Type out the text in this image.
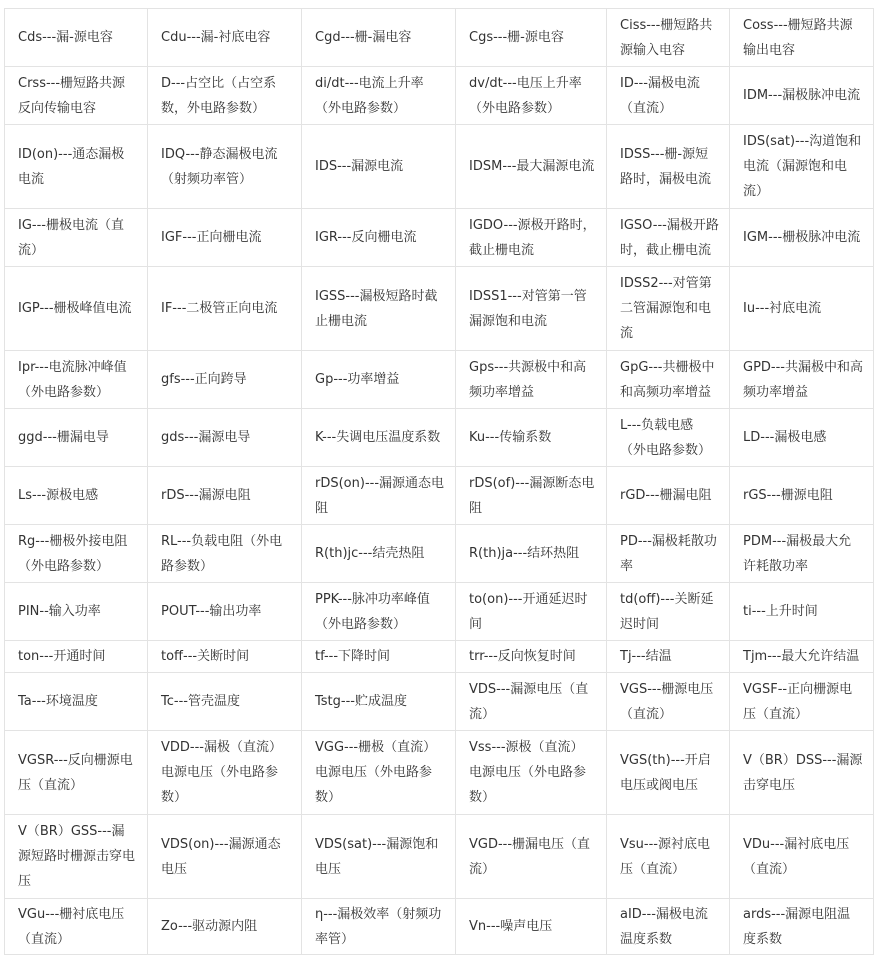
Cds---漏-源电容	Cdu---漏-衬底电容	Cgd---栅-漏电容	Cgs---栅-源电容	Ciss---栅短路共源输入电容	Coss---栅短路共源输出电容
Crss---栅短路共源反向传输电容	D---占空比（占空系数，外电路参数）	di/dt---电流上升率（外电路参数）	dv/dt---电压上升率（外电路参数）	ID---漏极电流（直流）	IDM---漏极脉冲电流
ID(on)---通态漏极电流	IDQ---静态漏极电流（射频功率管）	IDS---漏源电流	IDSM---最大漏源电流	IDSS---栅-源短路时，漏极电流	IDS(sat)---沟道饱和电流（漏源饱和电流）
IG---栅极电流（直流）	IGF---正向栅电流	IGR---反向栅电流	IGDO---源极开路时，截止栅电流	IGSO---漏极开路时，截止栅电流	IGM---栅极脉冲电流
IGP---栅极峰值电流	IF---二极管正向电流	IGSS---漏极短路时截止栅电流	IDSS1---对管第一管漏源饱和电流	IDSS2---对管第二管漏源饱和电流	Iu---衬底电流
Ipr---电流脉冲峰值（外电路参数）	gfs---正向跨导	Gp---功率增益	Gps---共源极中和高频功率增益	GpG---共栅极中和高频功率增益	GPD---共漏极中和高频功率增益
ggd---栅漏电导	gds---漏源电导	K---失调电压温度系数	Ku---传输系数	L---负载电感（外电路参数）	LD---漏极电感
Ls---源极电感	rDS---漏源电阻	rDS(on)---漏源通态电阻	rDS(of)---漏源断态电阻	rGD---栅漏电阻	rGS---栅源电阻
Rg---栅极外接电阻（外电路参数）	RL---负载电阻（外电路参数）	R(th)jc---结壳热阻	R(th)ja---结环热阻	PD---漏极耗散功率	PDM---漏极最大允许耗散功率
PIN--输入功率	POUT---输出功率	PPK---脉冲功率峰值（外电路参数）	to(on)---开通延迟时间	td(off)---关断延迟时间	ti---上升时间
ton---开通时间	toff---关断时间	tf---下降时间	trr---反向恢复时间	Tj---结温	Tjm---最大允许结温
Ta---环境温度	Tc---管壳温度	Tstg---贮成温度	VDS---漏源电压（直流）	VGS---栅源电压（直流）	VGSF--正向栅源电压（直流）
VGSR---反向栅源电压（直流）	VDD---漏极（直流）电源电压（外电路参数）	VGG---栅极（直流）电源电压（外电路参数）	Vss---源极（直流）电源电压（外电路参数）	VGS(th)---开启电压或阀电压	V（BR）DSS---漏源击穿电压
V（BR）GSS---漏源短路时栅源击穿电压	VDS(on)---漏源通态电压	VDS(sat)---漏源饱和电压	VGD---栅漏电压（直流）	Vsu---源衬底电压（直流）	VDu---漏衬底电压（直流）
VGu---栅衬底电压（直流）	Zo---驱动源内阻	η---漏极效率（射频功率管）	Vn---噪声电压	aID---漏极电流温度系数	ards---漏源电阻温度系数
